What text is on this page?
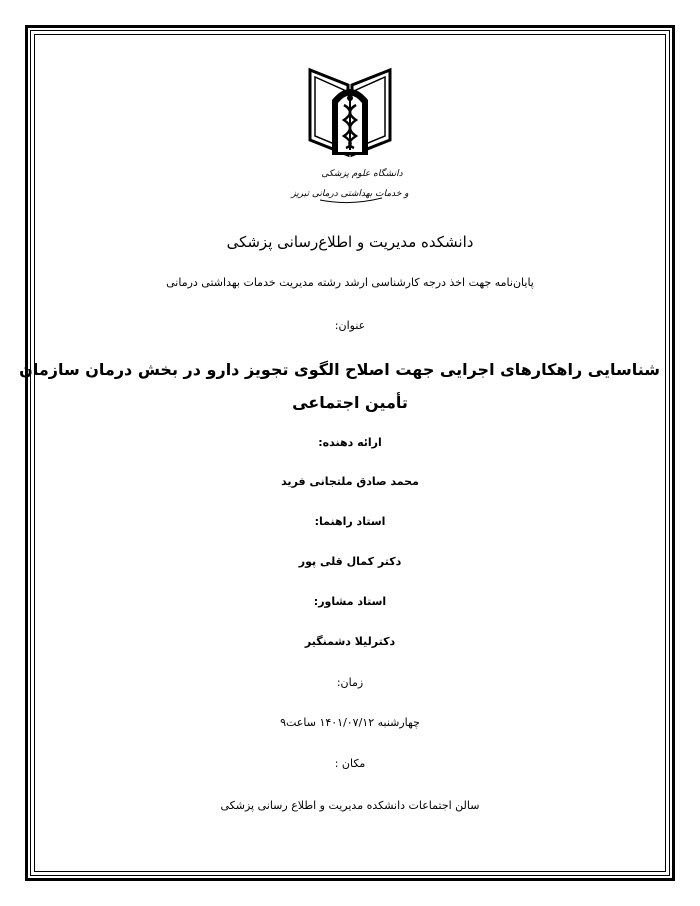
دانشگاه علوم پزشکی
و خدمات بهداشتی درمانی تبریز
دانشکده مدیریت و اطلاع‌رسانی پزشکی
پایان‌نامه جهت اخذ درجه کارشناسی ارشد رشته مدیریت خدمات بهداشتی درمانی
عنوان:
شناسایی راهکارهای اجرایی جهت اصلاح الگوی تجویز دارو در بخش درمان سازمان
تأمین اجتماعی
ارائه دهنده:
محمد صادق ملتجانی فرید
استاد راهنما:
دکتر کمال قلی پور
استاد مشاور:
دکترلیلا دشمنگیر
زمان:
چهارشنبه ۱۴۰۱/۰۷/۱۲ ساعت۹
مکان :
سالن اجتماعات دانشکده مدیریت و اطلاع رسانی پزشکی
